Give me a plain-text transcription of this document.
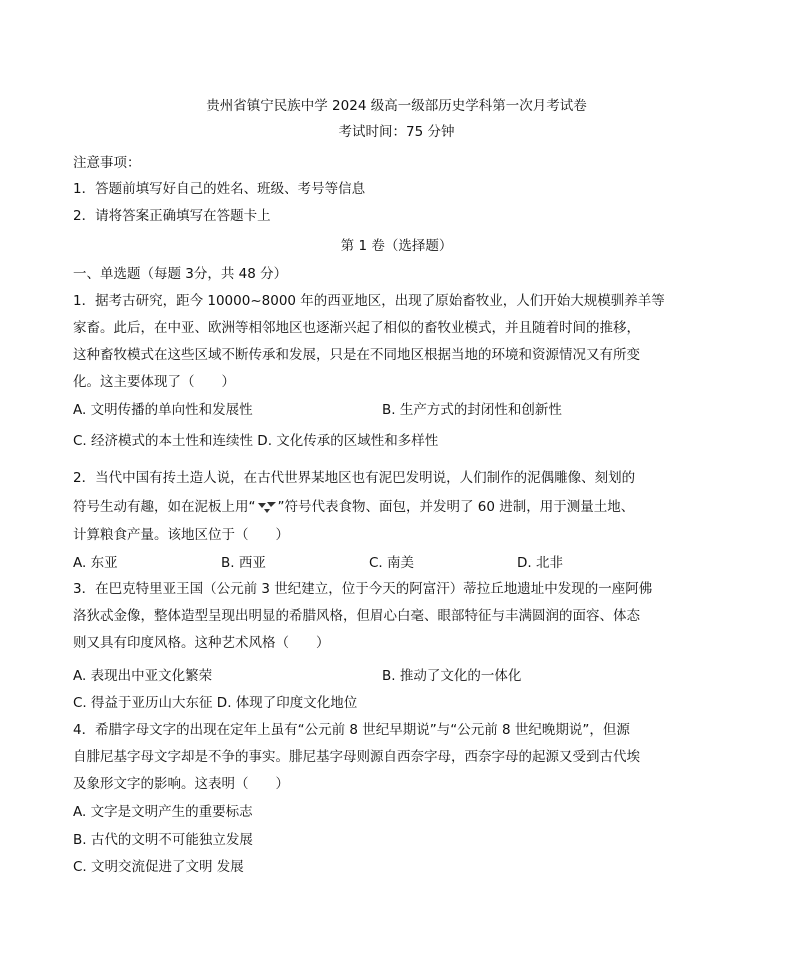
贵州省镇宁民族中学 2024 级高一级部历史学科第一次月考试卷
考试时间：75 分钟
注意事项：
1．答题前填写好自己的姓名、班级、考号等信息
2．请将答案正确填写在答题卡上
第 1 卷（选择题）
一、单选题（每题 3分，共 48 分）
1．据考古研究，距今 10000~8000 年的西亚地区，出现了原始畜牧业，人们开始大规模驯养羊等
家畜。此后，在中亚、欧洲等相邻地区也逐渐兴起了相似的畜牧业模式，并且随着时间的推移，
这种畜牧模式在这些区域不断传承和发展，只是在不同地区根据当地的环境和资源情况又有所变
化。这主要体现了（　　）
A. 文明传播的单向性和发展性	B. 生产方式的封闭性和创新性
C. 经济模式的本土性和连续性 D. 文化传承的区域性和多样性
2．当代中国有抟土造人说，在古代世界某地区也有泥巴发明说，人们制作的泥偶雕像、刻划的
符号生动有趣，如在泥板上用“ ”符号代表食物、面包，并发明了 60 进制，用于测量土地、
计算粮食产量。该地区位于（　　）
A. 东亚	B. 西亚	C. 南美	D. 北非
3．在巴克特里亚王国（公元前 3 世纪建立，位于今天的阿富汗）蒂拉丘地遗址中发现的一座阿佛
洛狄忒金像，整体造型呈现出明显的希腊风格，但眉心白毫、眼部特征与丰满圆润的面容、体态
则又具有印度风格。这种艺术风格（　　）
A. 表现出中亚文化繁荣	B. 推动了文化的一体化
C. 得益于亚历山大东征 D. 体现了印度文化地位
4．希腊字母文字的出现在定年上虽有“公元前 8 世纪早期说”与“公元前 8 世纪晚期说”，但源
自腓尼基字母文字却是不争的事实。腓尼基字母则源自西奈字母，西奈字母的起源又受到古代埃
及象形文字的影响。这表明（　　）
A. 文字是文明产生的重要标志
B. 古代的文明不可能独立发展
C. 文明交流促进了文明 发展
